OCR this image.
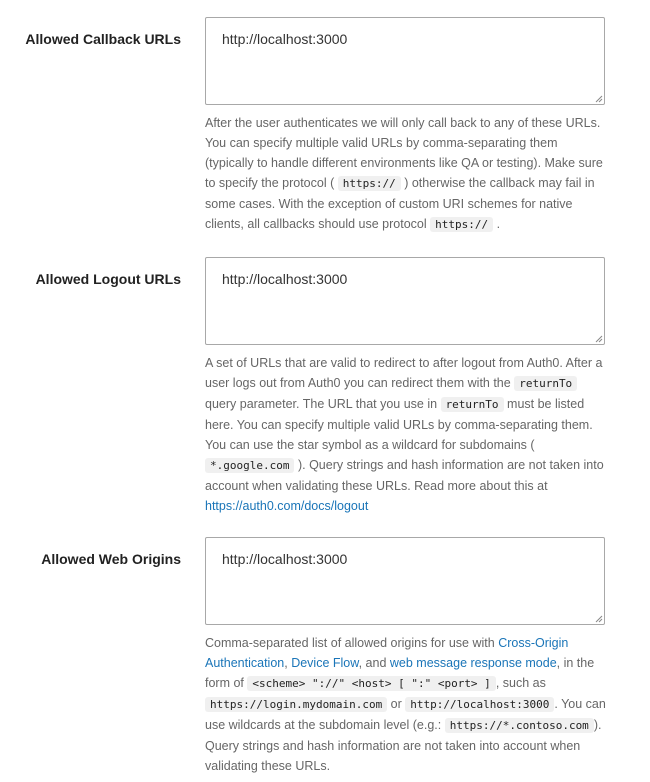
Allowed Callback URLs	http://localhost:3000
After the user authenticates we will only call back to any of these URLs. You can specify multiple valid URLs by comma-separating them (typically to handle different environments like QA or testing). Make sure to specify the protocol ( https:// ) otherwise the callback may fail in some cases. With the exception of custom URI schemes for native clients, all callbacks should use protocol https:// .
Allowed Logout URLs	http://localhost:3000
A set of URLs that are valid to redirect to after logout from Auth0. After a user logs out from Auth0 you can redirect them with the returnTo query parameter. The URL that you use in returnTo must be listed here. You can specify multiple valid URLs by comma-separating them. You can use the star symbol as a wildcard for subdomains ( *.google.com ). Query strings and hash information are not taken into account when validating these URLs. Read more about this at https://auth0.com/docs/logout
Allowed Web Origins	http://localhost:3000
Comma-separated list of allowed origins for use with Cross-Origin Authentication, Device Flow, and web message response mode, in the form of <scheme> "://" <host> [ ":" <port> ] , such as https://login.mydomain.com or http://localhost:3000 . You can use wildcards at the subdomain level (e.g.: https://*.contoso.com ). Query strings and hash information are not taken into account when validating these URLs.
